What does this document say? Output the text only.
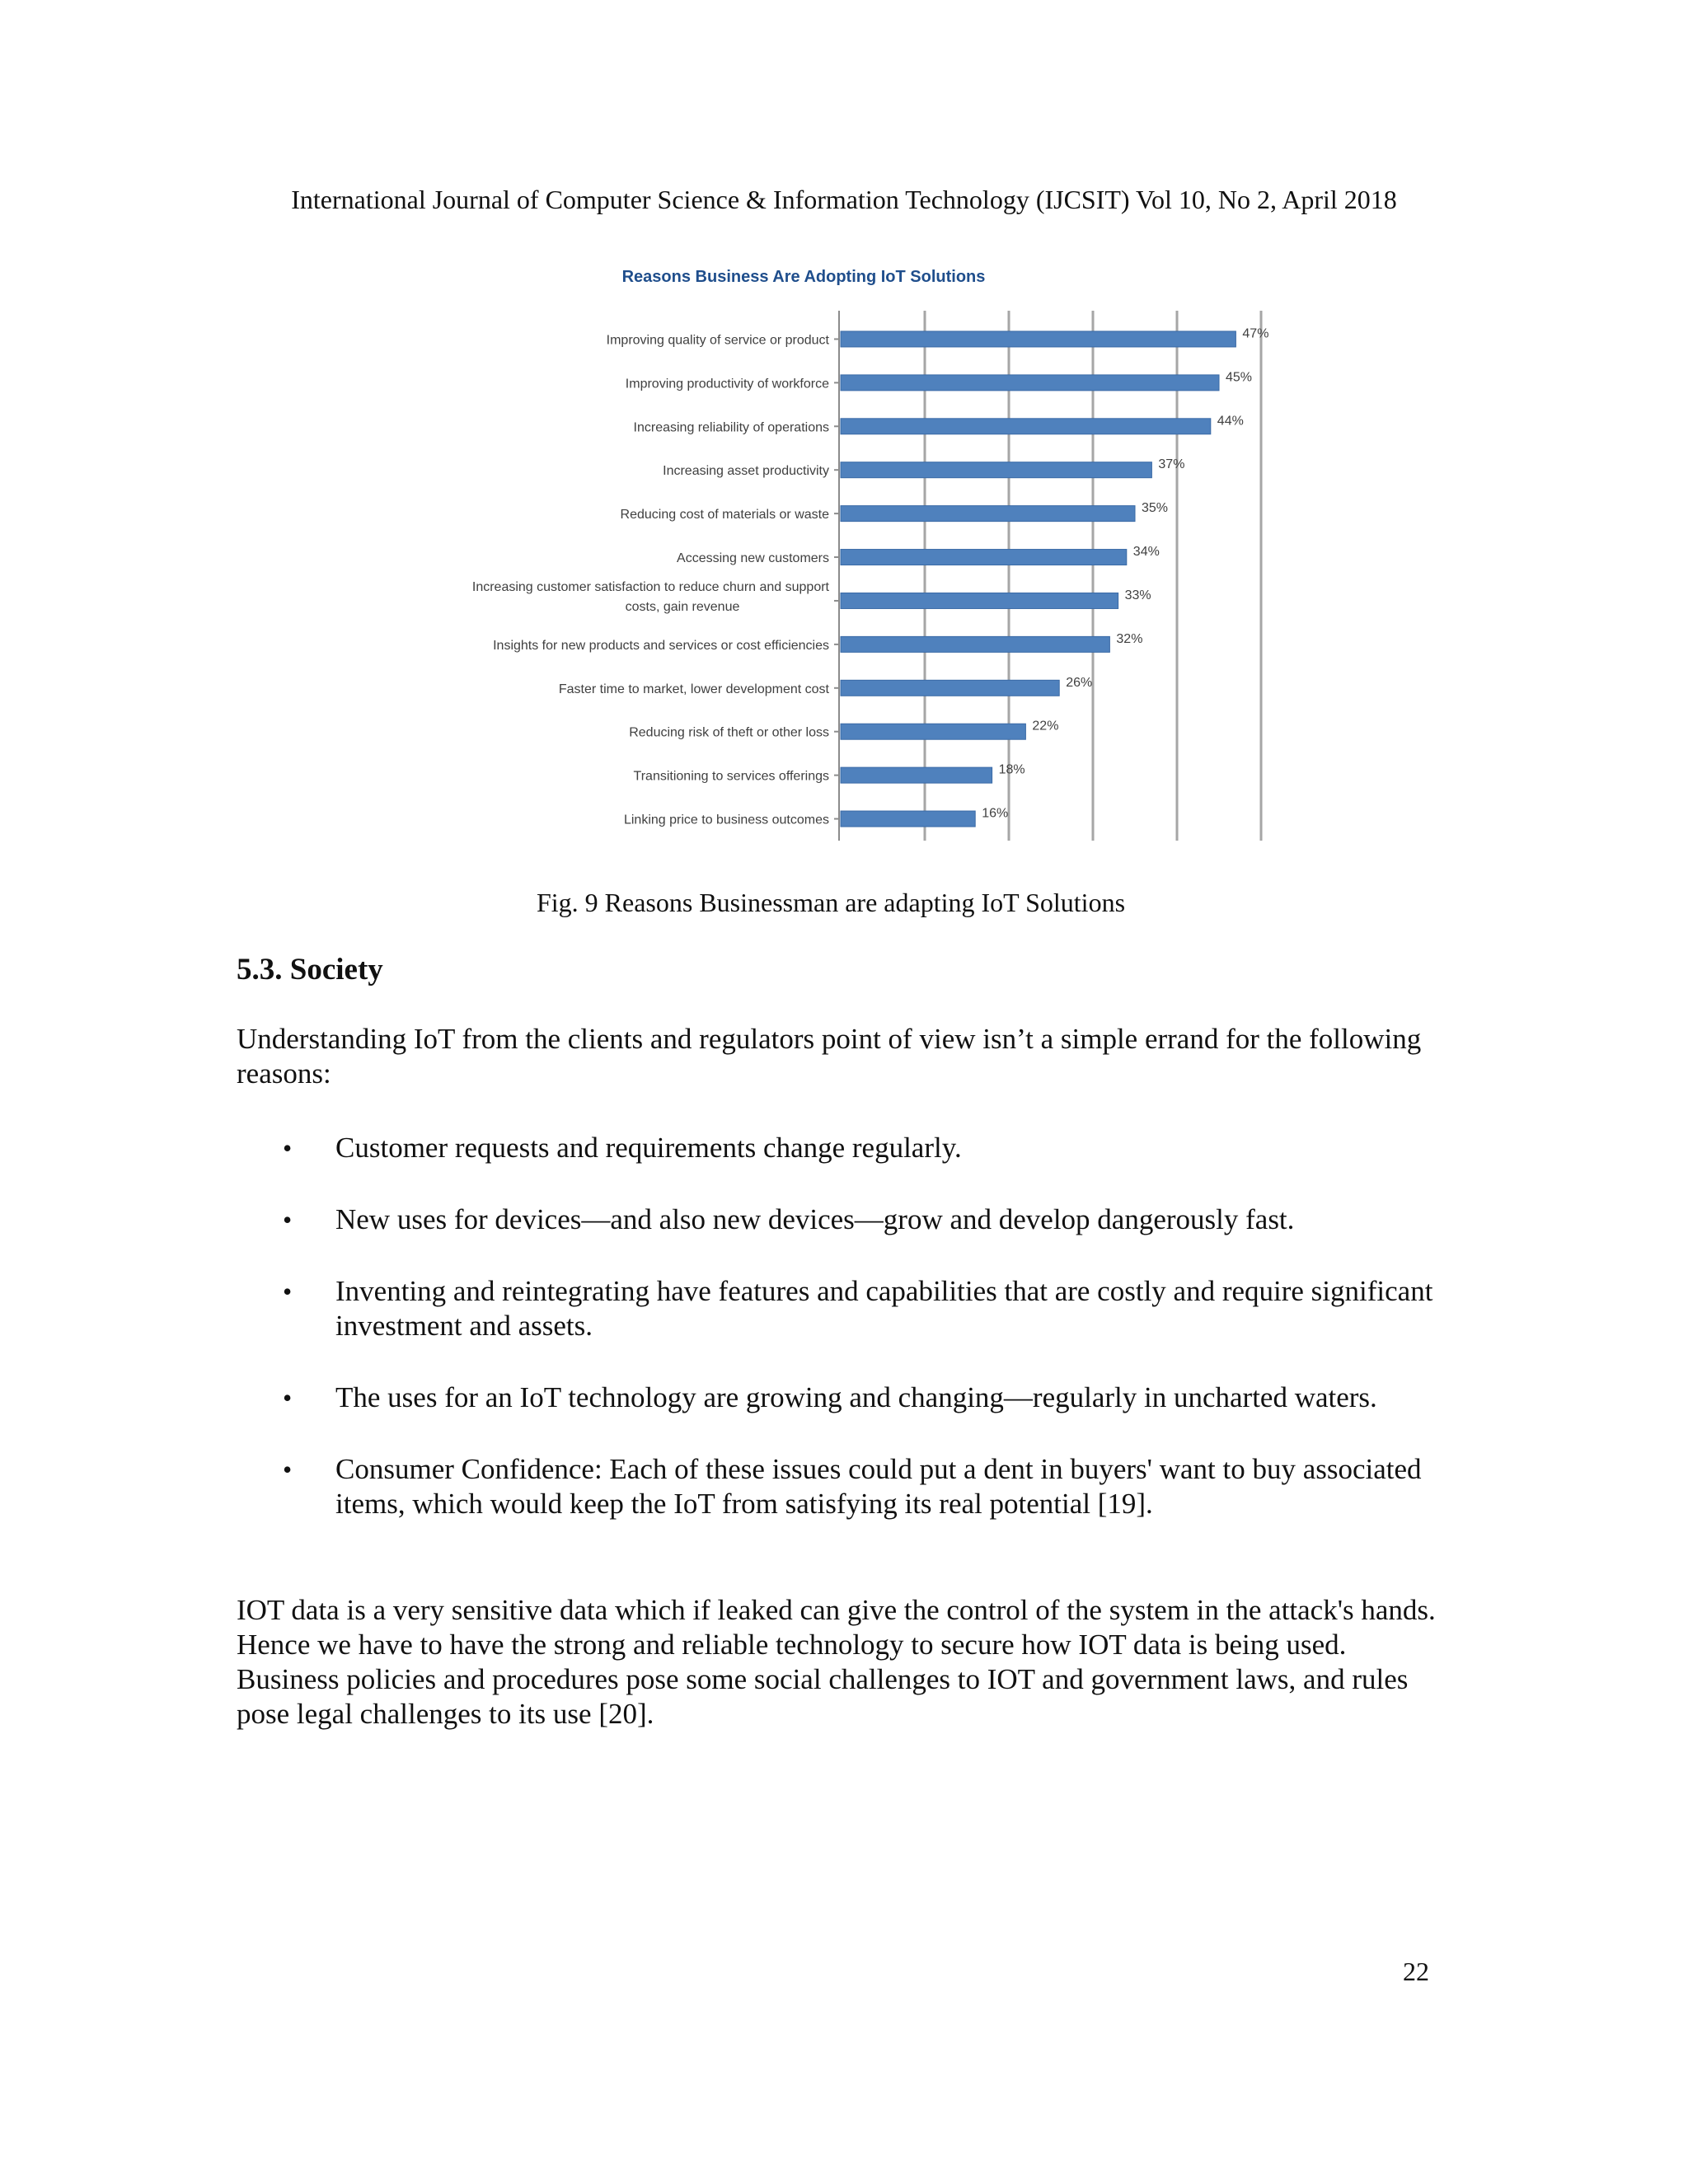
International Journal of Computer Science & Information Technology (IJCSIT) Vol 10, No 2, April 2018
Reasons Business Are Adopting IoT Solutions
Improving quality of service or product	47%
Improving productivity of workforce	45%
Increasing reliability of operations	44%
Increasing asset productivity	37%
Reducing cost of materials or waste	35%
Accessing new customers	34%
Increasing customer satisfaction to reduce churn and support
costs, gain revenue
33%
Insights for new products and services or cost efficiencies	32%
Faster time to market, lower development cost	26%
Reducing risk of theft or other loss	22%
Transitioning to services offerings	18%
Linking price to business outcomes	16%
Fig. 9 Reasons Businessman are adapting IoT Solutions
5.3. Society

Understanding IoT from the clients and regulators point of view isn’t a simple errand for the following reasons:

• Customer requests and requirements change regularly.
• New uses for devices—and also new devices—grow and develop dangerously fast.
• Inventing and reintegrating have features and capabilities that are costly and require significant investment and assets.
• The uses for an IoT technology are growing and changing—regularly in uncharted waters.
• Consumer Confidence: Each of these issues could put a dent in buyers' want to buy associated items, which would keep the IoT from satisfying its real potential [19].

IOT data is a very sensitive data which if leaked can give the control of the system in the attack's hands. Hence we have to have the strong and reliable technology to secure how IOT data is being used. Business policies and procedures pose some social challenges to IOT and government laws, and rules pose legal challenges to its use [20].

22
